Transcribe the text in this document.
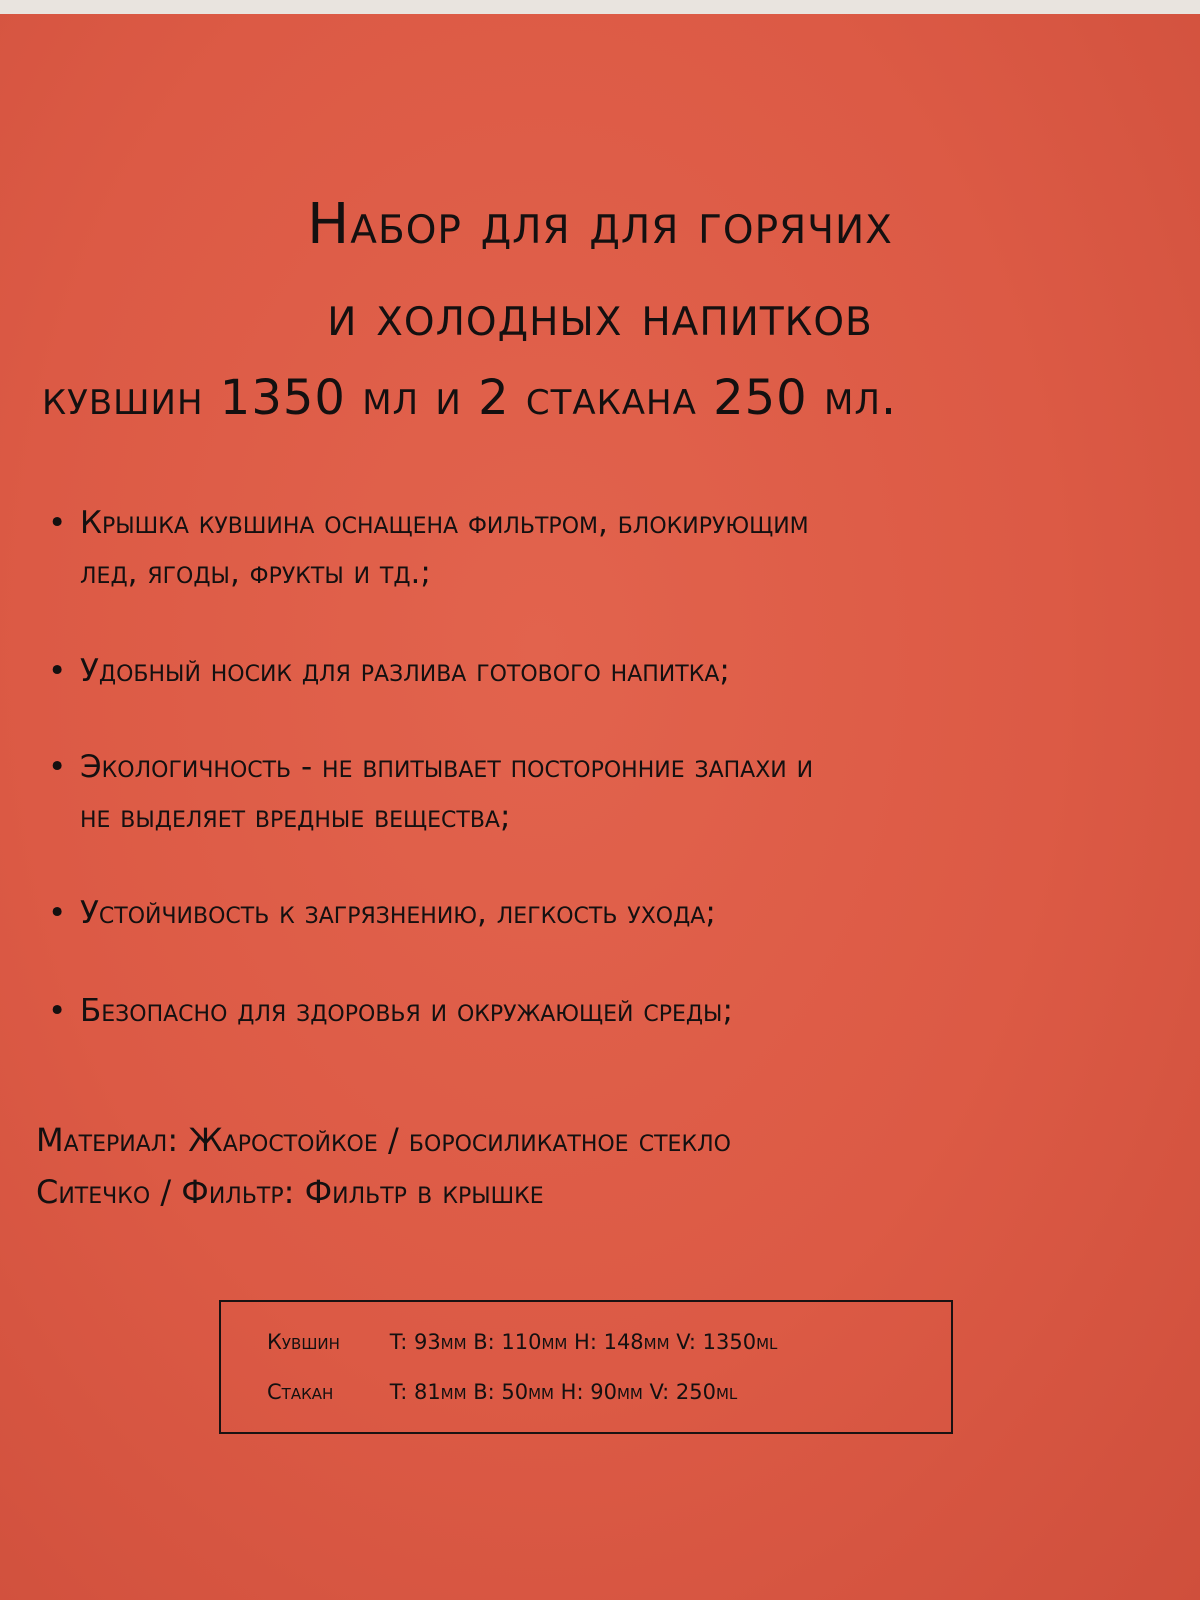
Набор для для горячих
и холодных напитков
кувшин 1350 мл и 2 стакана 250 мл.
• Крышка кувшина оснащена фильтром, блокирующим
лед, ягоды, фрукты и тд.;
• Удобный носик для разлива готового напитка;
• Экологичность - не впитывает посторонние запахи и
не выделяет вредные вещества;
• Устойчивость к загрязнению, легкость ухода;
• Безопасно для здоровья и окружающей среды;

Материал: Жаростойкое / боросиликатное стекло

Ситечко / Фильтр: Фильтр в крышке

Кувшин T: 93мм B: 110мм H: 148мм V: 1350ml
Стакан	T: 81мм B: 50мм H: 90мм V: 250ml
